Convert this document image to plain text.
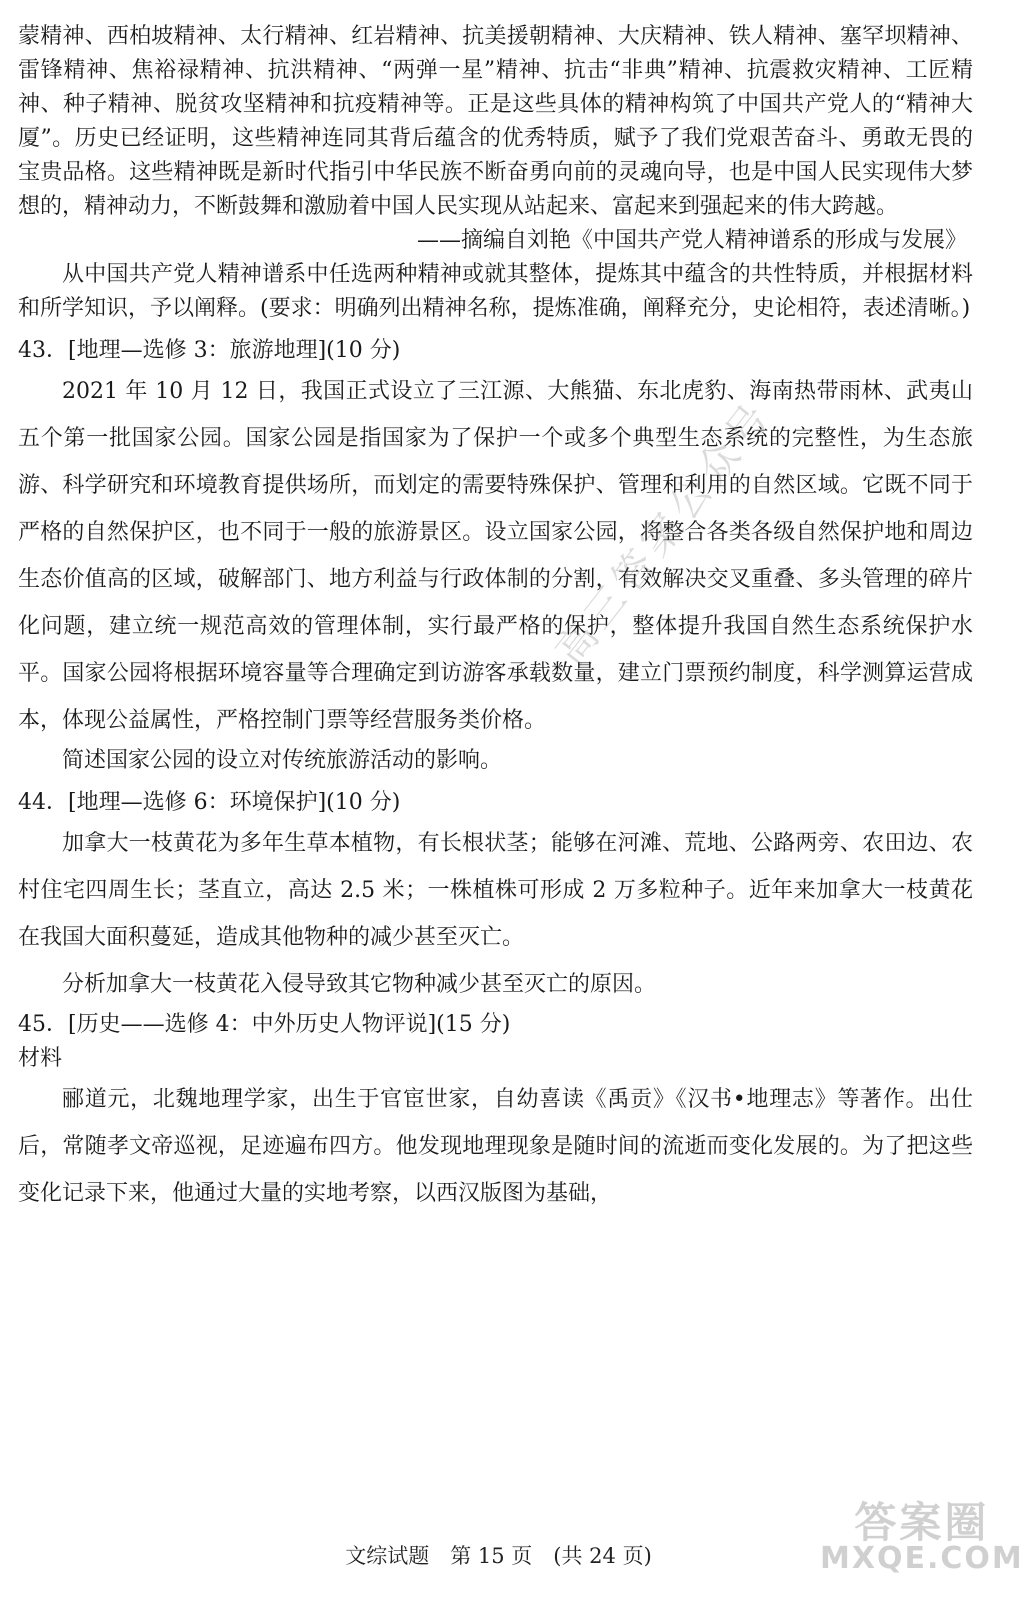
蒙精神、西柏坡精神、太行精神、红岩精神、抗美援朝精神、大庆精神、铁人精神、塞罕坝精神、雷锋精神、焦裕禄精神、抗洪精神、“两弹一星”精神、抗击“非典”精神、抗震救灾精神、工匠精神、种子精神、脱贫攻坚精神和抗疫精神等。正是这些具体的精神构筑了中国共产党人的“精神大厦”。历史已经证明，这些精神连同其背后蕴含的优秀特质，赋予了我们党艰苦奋斗、勇敢无畏的宝贵品格。这些精神既是新时代指引中华民族不断奋勇向前的灵魂向导，也是中国人民实现伟大梦想的，精神动力，不断鼓舞和激励着中国人民实现从站起来、富起来到强起来的伟大跨越。

——摘编自刘艳《中国共产党人精神谱系的形成与发展》

从中国共产党人精神谱系中任选两种精神或就其整体，提炼其中蕴含的共性特质，并根据材料和所学知识，予以阐释。(要求：明确列出精神名称，提炼准确，阐释充分，史论相符，表述清晰。)

43．[地理—选修 3：旅游地理](10 分)

2021 年 10 月 12 日，我国正式设立了三江源、大熊猫、东北虎豹、海南热带雨林、武夷山五个第一批国家公园。国家公园是指国家为了保护一个或多个典型生态系统的完整性，为生态旅游、科学研究和环境教育提供场所，而划定的需要特殊保护、管理和利用的自然区域。它既不同于严格的自然保护区，也不同于一般的旅游景区。设立国家公园，将整合各类各级自然保护地和周边生态价值高的区域，破解部门、地方利益与行政体制的分割，有效解决交叉重叠、多头管理的碎片化问题，建立统一规范高效的管理体制，实行最严格的保护，整体提升我国自然生态系统保护水平。国家公园将根据环境容量等合理确定到访游客承载数量，建立门票预约制度，科学测算运营成本，体现公益属性，严格控制门票等经营服务类价格。

简述国家公园的设立对传统旅游活动的影响。

44．[地理—选修 6：环境保护](10 分)

加拿大一枝黄花为多年生草本植物，有长根状茎；能够在河滩、荒地、公路两旁、农田边、农村住宅四周生长；茎直立，高达 2.5 米；一株植株可形成 2 万多粒种子。近年来加拿大一枝黄花在我国大面积蔓延，造成其他物种的减少甚至灭亡。

分析加拿大一枝黄花入侵导致其它物种减少甚至灭亡的原因。

45．[历史——选修 4：中外历史人物评说](15 分)

材料

郦道元，北魏地理学家，出生于官宦世家，自幼喜读《禹贡》《汉书•地理志》等著作。出仕后，常随孝文帝巡视，足迹遍布四方。他发现地理现象是随时间的流逝而变化发展的。为了把这些变化记录下来，他通过大量的实地考察，以西汉版图为基础，

高三答案公众号
答案圈
MXQE.COM
文综试题　第 15 页　(共 24 页)
